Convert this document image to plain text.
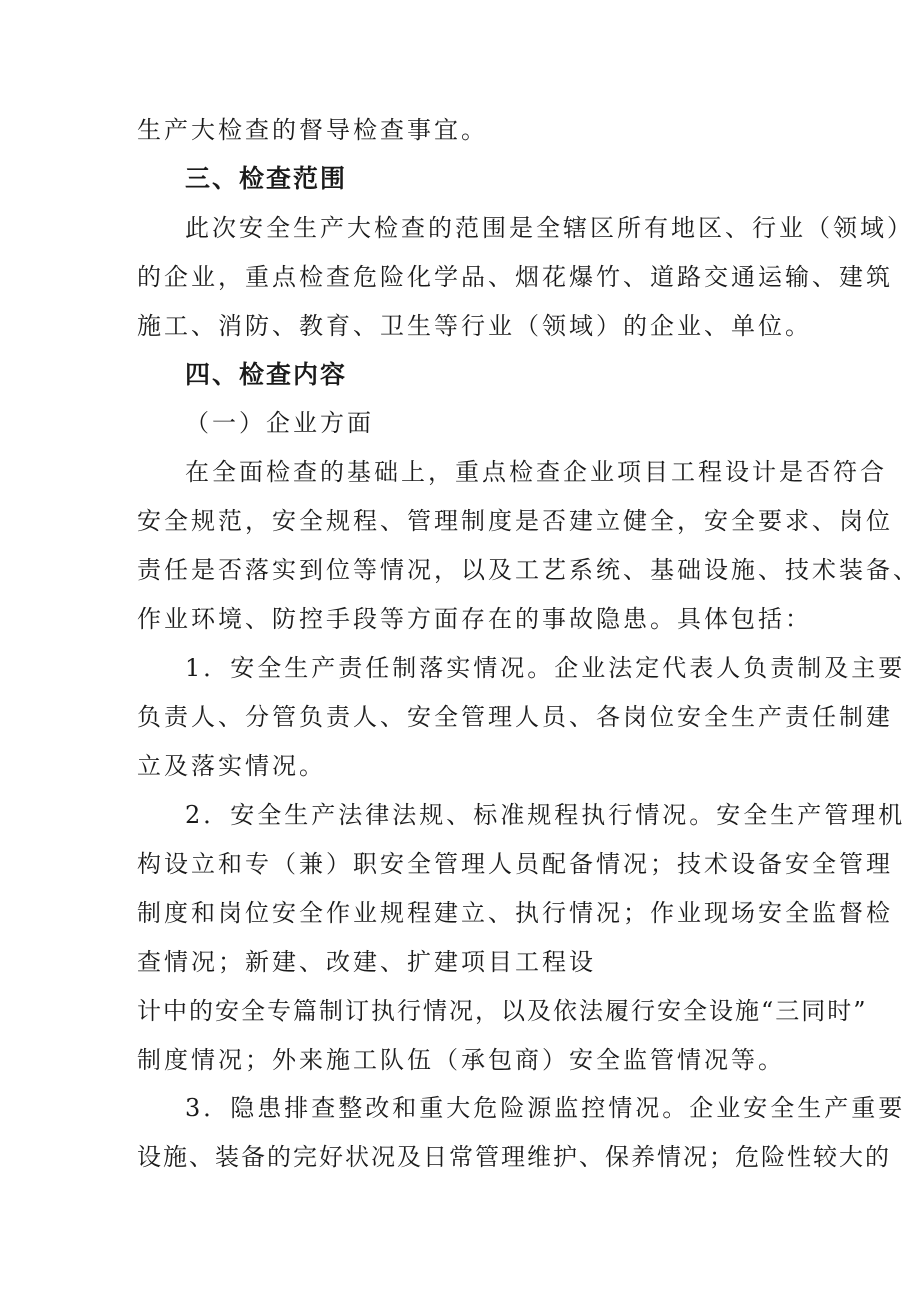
生产大检查的督导检查事宜。
三、检查范围
此次安全生产大检查的范围是全辖区所有地区、行业（领域）
的企业，重点检查危险化学品、烟花爆竹、道路交通运输、建筑
施工、消防、教育、卫生等行业（领域）的企业、单位。
四、检查内容
（一）企业方面
在全面检查的基础上，重点检查企业项目工程设计是否符合
安全规范，安全规程、管理制度是否建立健全，安全要求、岗位
责任是否落实到位等情况，以及工艺系统、基础设施、技术装备、
作业环境、防控手段等方面存在的事故隐患。具体包括：
1．安全生产责任制落实情况。企业法定代表人负责制及主要
负责人、分管负责人、安全管理人员、各岗位安全生产责任制建
立及落实情况。
2．安全生产法律法规、标准规程执行情况。安全生产管理机
构设立和专（兼）职安全管理人员配备情况；技术设备安全管理
制度和岗位安全作业规程建立、执行情况；作业现场安全监督检
查情况；新建、改建、扩建项目工程设
计中的安全专篇制订执行情况，以及依法履行安全设施“三同时”
制度情况；外来施工队伍（承包商）安全监管情况等。
3．隐患排查整改和重大危险源监控情况。企业安全生产重要
设施、装备的完好状况及日常管理维护、保养情况；危险性较大的
